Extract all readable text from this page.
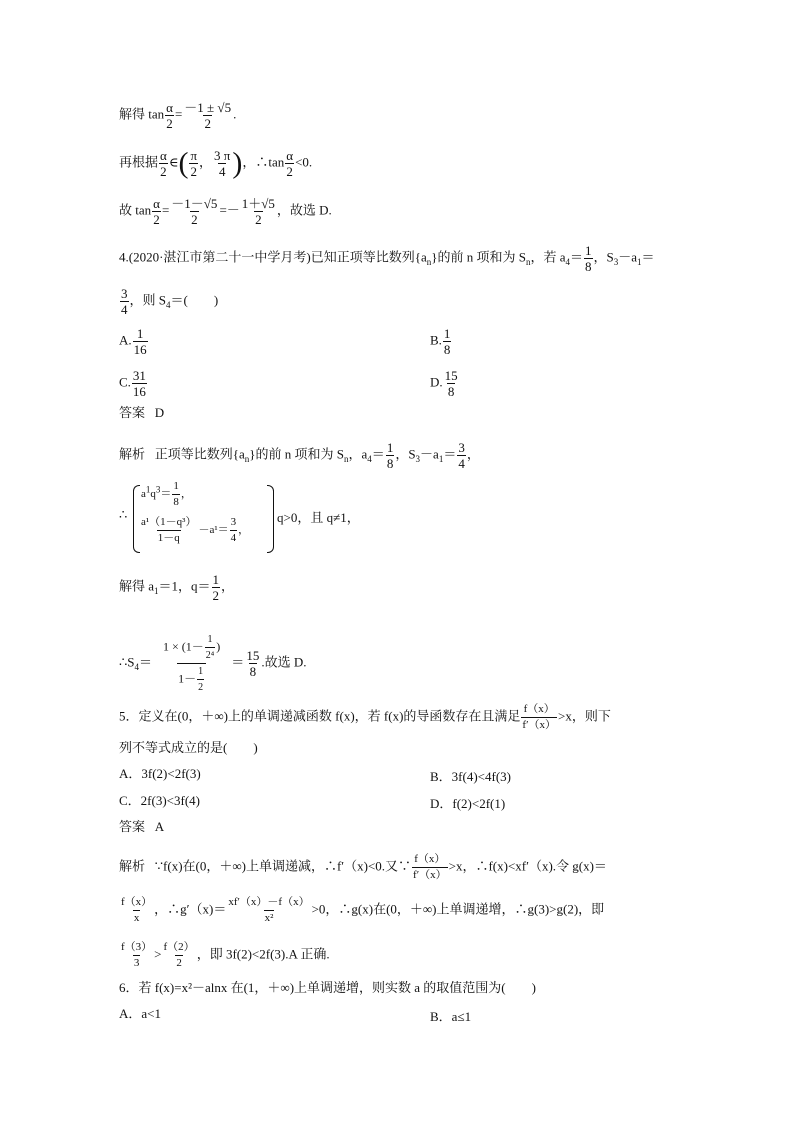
解得 $\tan \frac{\alpha}{2} = \frac{-1 \pm √5}{2}$ .
再根据 $\frac{\alpha}{2}$ ∈( $\frac{\pi}{2}$ ， $\frac{3 \pi}{4}$ )，∴tan $\frac{\alpha}{2} <0$.
故 $\tan \frac{\alpha}{2} = \frac{-1-√5}{2} =- \frac{1+√5}{2}$ ，故选 D.
4.(2020·湛江市第二十一中学月考)已知正项等比数列$\{a_n\}$的前 n 项和为 $S_n$，若 $a_4= \frac{1}{8}$ ，$S_3-a_1=$
$\frac{3}{4}$ ，则 $S_4=$(　　)
A. $\frac{1}{16}$	B. $\frac{1}{8}$
C. $\frac{31}{16}$	D. $\frac{15}{8}$
答案 D
解析 正项等比数列$\{a_n\}$的前 n 项和为 $S_n$，$a_4= \frac{1}{8}$ ，$S_3-a_1= \frac{3}{4}$ ，
∴
$a^1q^3= \frac{1}{8}$ ，
$\frac{\text{a¹（1－q³）}}{1-q} -a^1= \frac{3}{4}$ ，
q>0，且 q≠1，
解得 $a_1=1$，$q= \frac{1}{2}$ ，
$\therefore S_4= \frac{1 \times (1- \frac{1}{\text{2⁴}} )}{1- \frac{1}{2}} = \frac{15}{8}$ .故选 D.
5．定义在(0，＋∞)上的单调递减函数 f(x)，若 f(x)的导函数存在且满足 $\frac{f(x)}{f'(x)} >x$，则下
列不等式成立的是(　　)
A．3f(2)<2f(3)	B．3f(4)<4f(3)
C．2f(3)<3f(4)	D．f(2)<2f(1)
答案 A
解析 ∵f(x)在(0，＋∞)上单调递减，∴f′（x)<0.又∵ $\frac{f(x)}{f'(x)} >x$，∴f(x)<xf′（x).令 g(x)＝
$\frac{f(x)}{x}$ ，∴g′（x)＝ $\frac{xf'(x)-f(x)}{\text{x²}} >0$，∴g(x)在(0，＋∞)上单调递增，∴g(3)>g(2)，即
$\frac{f(3)}{3} > \frac{f(2)}{2}$ ，即 3f(2)<2f(3).A 正确.
6．若 f(x)=x²－alnx 在(1，＋∞)上单调递增，则实数 a 的取值范围为(　　)
A．a<1	B．a≤1
